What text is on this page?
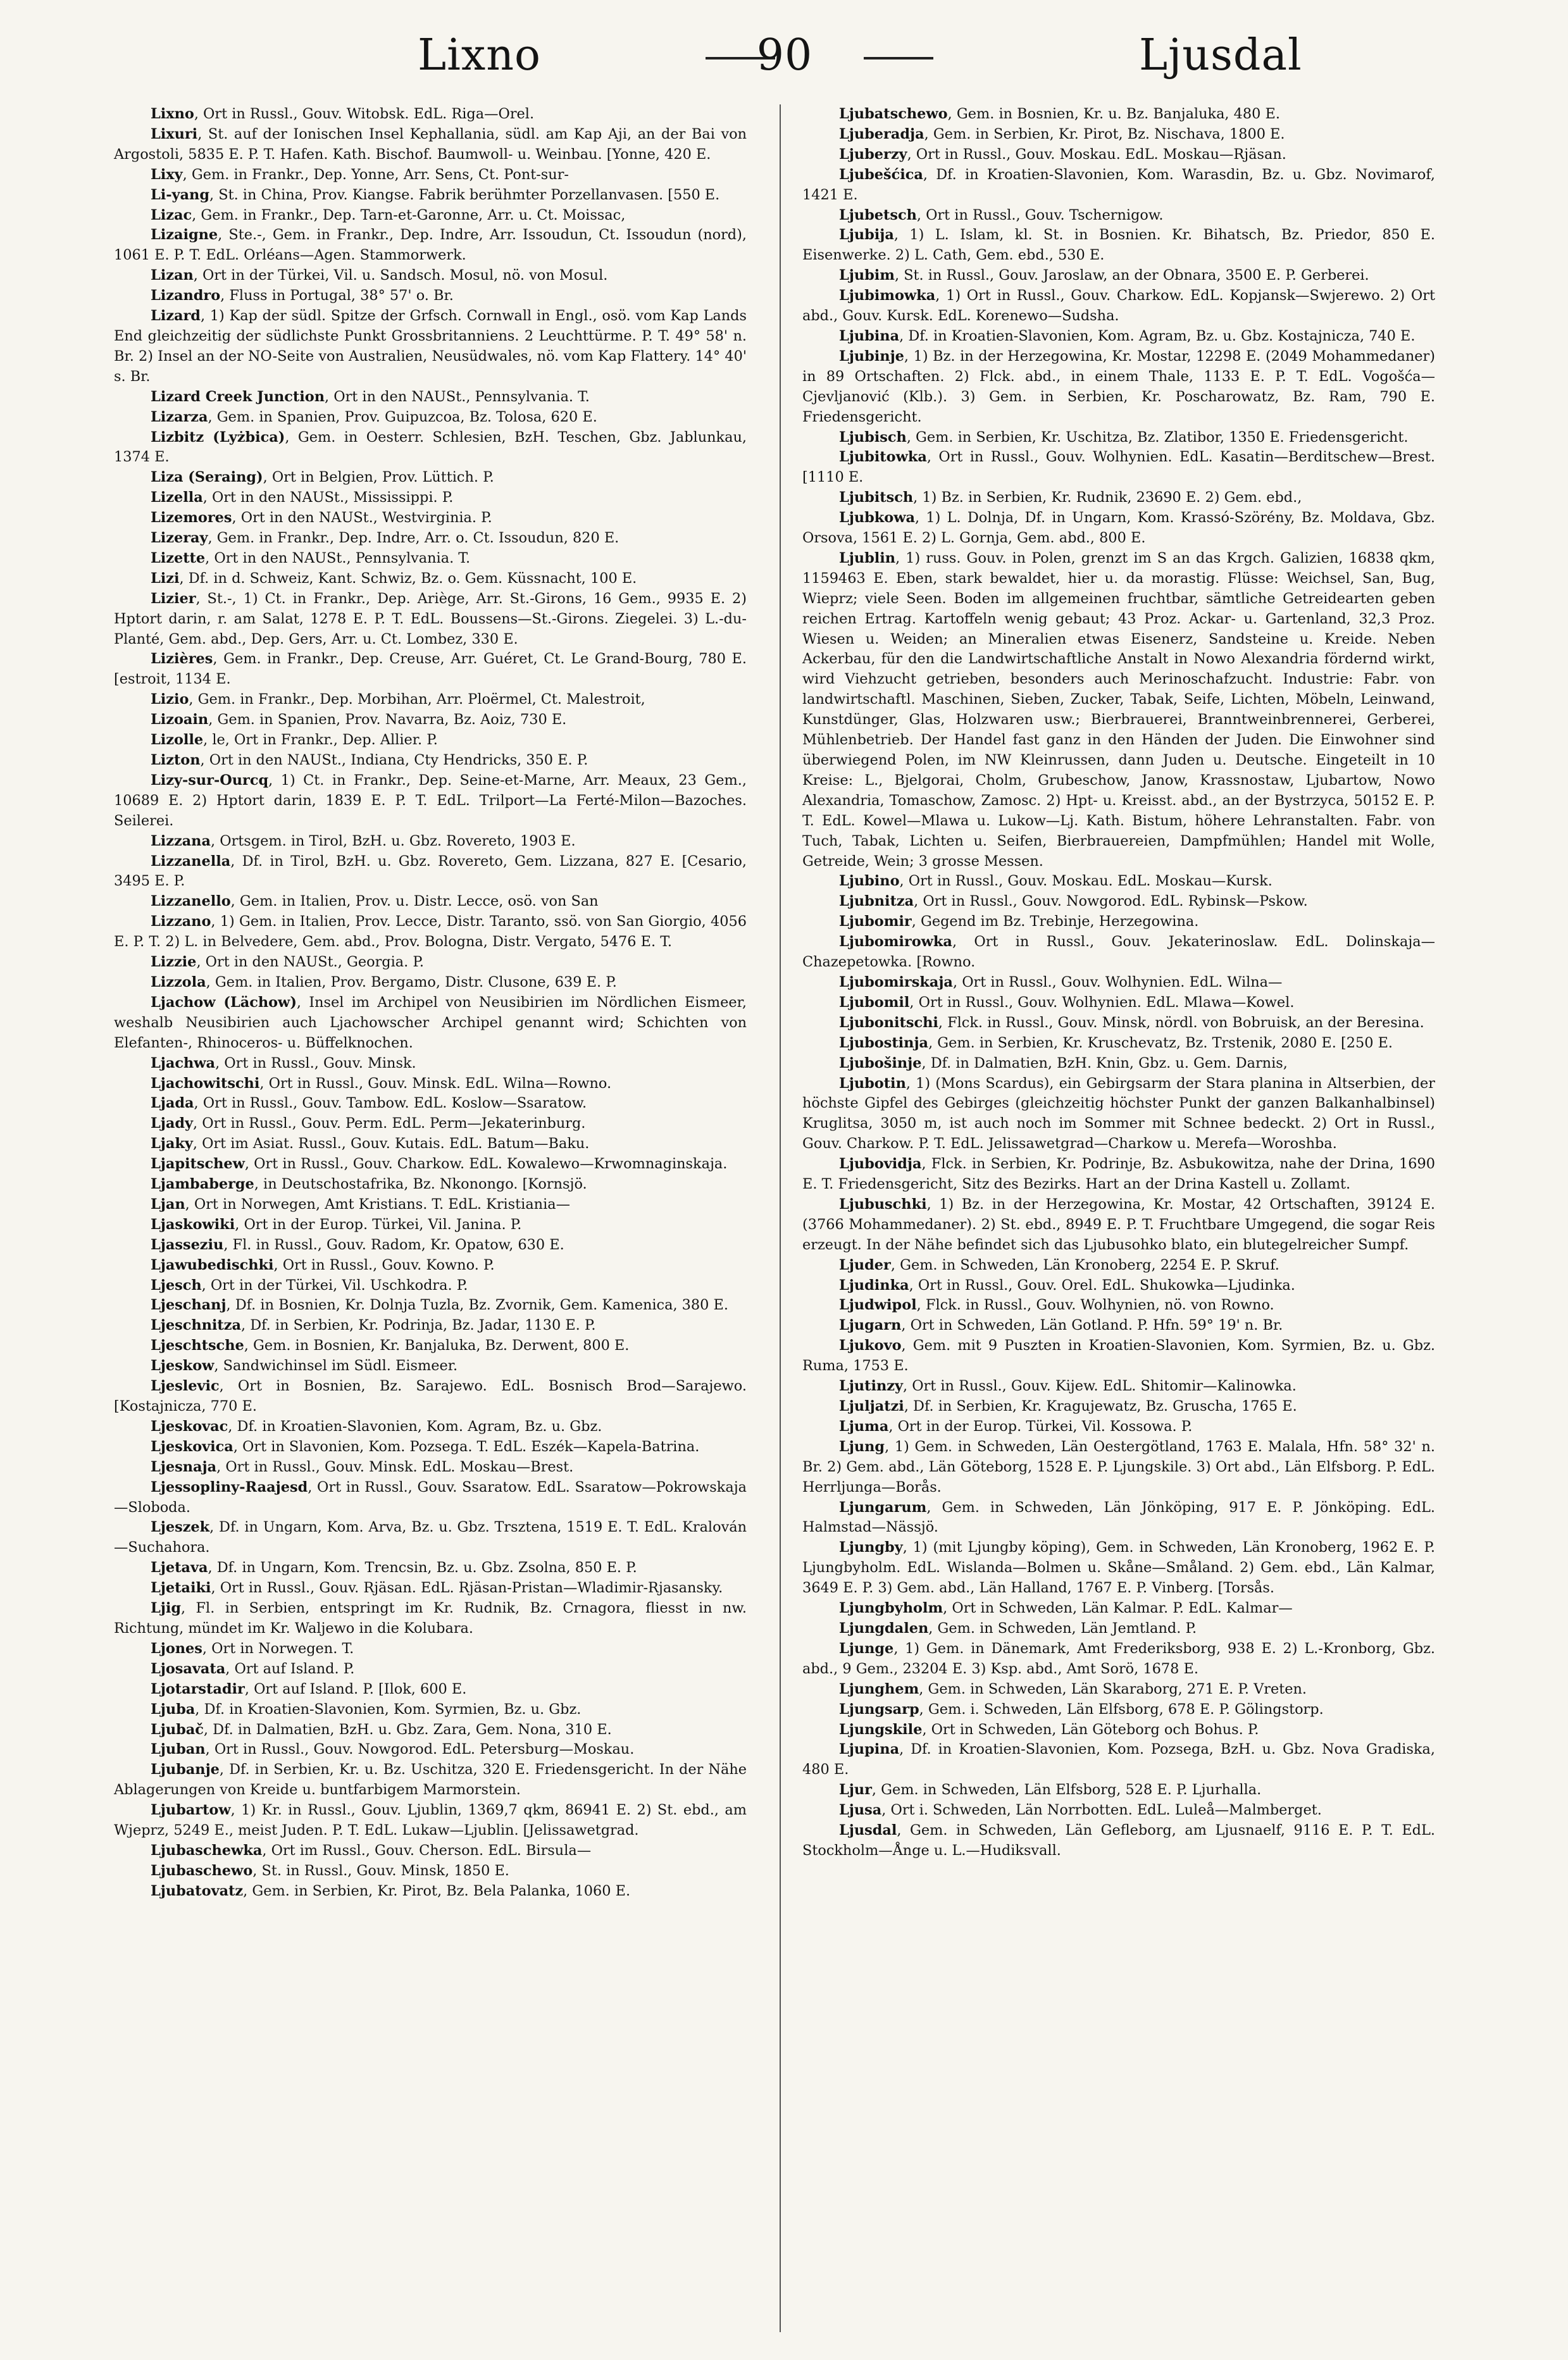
Lixno	90	Ljusdal

Lixno, Ort in Russl., Gouv. Witobsk. EdL. Riga—Orel.

Lixuri, St. auf der Ionischen Insel Kephallania, südl. am Kap Aji, an der Bai von Argostoli, 5835 E. P. T. Hafen. Kath. Bischof. Baumwoll- u. Weinbau. [Yonne, 420 E.

Lixy, Gem. in Frankr., Dep. Yonne, Arr. Sens, Ct. Pont-sur-

Li-yang, St. in China, Prov. Kiangse. Fabrik berühmter Porzellanvasen. [550 E.

Lizac, Gem. in Frankr., Dep. Tarn-et-Garonne, Arr. u. Ct. Moissac,

Lizaigne, Ste.-, Gem. in Frankr., Dep. Indre, Arr. Issoudun, Ct. Issoudun (nord), 1061 E. P. T. EdL. Orléans—Agen. Stammorwerk.

Lizan, Ort in der Türkei, Vil. u. Sandsch. Mosul, nö. von Mosul.

Lizandro, Fluss in Portugal, 38° 57' o. Br.

Lizard, 1) Kap der südl. Spitze der Grfsch. Cornwall in Engl., osö. vom Kap Lands End gleichzeitig der südlichste Punkt Grossbritanniens. 2 Leuchttürme. P. T. 49° 58' n. Br. 2) Insel an der NO-Seite von Australien, Neusüdwales, nö. vom Kap Flattery. 14° 40' s. Br.

Lizard Creek Junction, Ort in den NAUSt., Pennsylvania. T.

Lizarza, Gem. in Spanien, Prov. Guipuzcoa, Bz. Tolosa, 620 E.

Lizbitz (Lyżbica), Gem. in Oesterr. Schlesien, BzH. Teschen, Gbz. Jablunkau, 1374 E.

Liza (Seraing), Ort in Belgien, Prov. Lüttich. P.

Lizella, Ort in den NAUSt., Mississippi. P.

Lizemores, Ort in den NAUSt., Westvirginia. P.

Lizeray, Gem. in Frankr., Dep. Indre, Arr. o. Ct. Issoudun, 820 E.

Lizette, Ort in den NAUSt., Pennsylvania. T.

Lizi, Df. in d. Schweiz, Kant. Schwiz, Bz. o. Gem. Küssnacht, 100 E.

Lizier, St.-, 1) Ct. in Frankr., Dep. Ariège, Arr. St.-Girons, 16 Gem., 9935 E. 2) Hptort darin, r. am Salat, 1278 E. P. T. EdL. Boussens—St.-Girons. Ziegelei. 3) L.-du-Planté, Gem. abd., Dep. Gers, Arr. u. Ct. Lombez, 330 E.

Lizières, Gem. in Frankr., Dep. Creuse, Arr. Guéret, Ct. Le Grand-Bourg, 780 E. [estroit, 1134 E.

Lizio, Gem. in Frankr., Dep. Morbihan, Arr. Ploërmel, Ct. Malestroit,

Lizoain, Gem. in Spanien, Prov. Navarra, Bz. Aoiz, 730 E.

Lizolle, le, Ort in Frankr., Dep. Allier. P.

Lizton, Ort in den NAUSt., Indiana, Cty Hendricks, 350 E. P.

Lizy-sur-Ourcq, 1) Ct. in Frankr., Dep. Seine-et-Marne, Arr. Meaux, 23 Gem., 10689 E. 2) Hptort darin, 1839 E. P. T. EdL. Trilport—La Ferté-Milon—Bazoches. Seilerei.

Lizzana, Ortsgem. in Tirol, BzH. u. Gbz. Rovereto, 1903 E.

Lizzanella, Df. in Tirol, BzH. u. Gbz. Rovereto, Gem. Lizzana, 827 E. [Cesario, 3495 E. P.

Lizzanello, Gem. in Italien, Prov. u. Distr. Lecce, osö. von San

Lizzano, 1) Gem. in Italien, Prov. Lecce, Distr. Taranto, ssö. von San Giorgio, 4056 E. P. T. 2) L. in Belvedere, Gem. abd., Prov. Bologna, Distr. Vergato, 5476 E. T.

Lizzie, Ort in den NAUSt., Georgia. P.

Lizzola, Gem. in Italien, Prov. Bergamo, Distr. Clusone, 639 E. P.

Ljachow (Lächow), Insel im Archipel von Neusibirien im Nördlichen Eismeer, weshalb Neusibirien auch Ljachowscher Archipel genannt wird; Schichten von Elefanten-, Rhinoceros- u. Büffelknochen.

Ljachwa, Ort in Russl., Gouv. Minsk.

Ljachowitschi, Ort in Russl., Gouv. Minsk. EdL. Wilna—Rowno.

Ljada, Ort in Russl., Gouv. Tambow. EdL. Koslow—Ssaratow.

Ljady, Ort in Russl., Gouv. Perm. EdL. Perm—Jekaterinburg.

Ljaky, Ort im Asiat. Russl., Gouv. Kutais. EdL. Batum—Baku.

Ljapitschew, Ort in Russl., Gouv. Charkow. EdL. Kowalewo—Krwomnaginskaja.

Ljambaberge, in Deutschostafrika, Bz. Nkonongo. [Kornsjö.

Ljan, Ort in Norwegen, Amt Kristians. T. EdL. Kristiania—

Ljaskowiki, Ort in der Europ. Türkei, Vil. Janina. P.

Ljasseziu, Fl. in Russl., Gouv. Radom, Kr. Opatow, 630 E.

Ljawubedischki, Ort in Russl., Gouv. Kowno. P.

Ljesch, Ort in der Türkei, Vil. Uschkodra. P.

Ljeschanj, Df. in Bosnien, Kr. Dolnja Tuzla, Bz. Zvornik, Gem. Kamenica, 380 E.

Ljeschnitza, Df. in Serbien, Kr. Podrinja, Bz. Jadar, 1130 E. P.

Ljeschtsche, Gem. in Bosnien, Kr. Banjaluka, Bz. Derwent, 800 E.

Ljeskow, Sandwichinsel im Südl. Eismeer.

Ljeslevic, Ort in Bosnien, Bz. Sarajewo. EdL. Bosnisch Brod—Sarajewo. [Kostajnicza, 770 E.

Ljeskovac, Df. in Kroatien-Slavonien, Kom. Agram, Bz. u. Gbz.

Ljeskovica, Ort in Slavonien, Kom. Pozsega. T. EdL. Eszék—Kapela-Batrina.

Ljesnaja, Ort in Russl., Gouv. Minsk. EdL. Moskau—Brest.

Ljessopliny-Raajesd, Ort in Russl., Gouv. Ssaratow. EdL. Ssaratow—Pokrowskaja—Sloboda.

Ljeszek, Df. in Ungarn, Kom. Arva, Bz. u. Gbz. Trsztena, 1519 E. T. EdL. Kralován—Suchahora.

Ljetava, Df. in Ungarn, Kom. Trencsin, Bz. u. Gbz. Zsolna, 850 E. P.

Ljetaiki, Ort in Russl., Gouv. Rjäsan. EdL. Rjäsan-Pristan—Wladimir-Rjasansky.

Ljig, Fl. in Serbien, entspringt im Kr. Rudnik, Bz. Crnagora, fliesst in nw. Richtung, mündet im Kr. Waljewo in die Kolubara.

Ljones, Ort in Norwegen. T.

Ljosavata, Ort auf Island. P.

Ljotarstadir, Ort auf Island. P. [Ilok, 600 E.

Ljuba, Df. in Kroatien-Slavonien, Kom. Syrmien, Bz. u. Gbz.

Ljubač, Df. in Dalmatien, BzH. u. Gbz. Zara, Gem. Nona, 310 E.

Ljuban, Ort in Russl., Gouv. Nowgorod. EdL. Petersburg—Moskau.

Ljubanje, Df. in Serbien, Kr. u. Bz. Uschitza, 320 E. Friedensgericht. In der Nähe Ablagerungen von Kreide u. buntfarbigem Marmorstein.

Ljubartow, 1) Kr. in Russl., Gouv. Ljublin, 1369,7 qkm, 86941 E. 2) St. ebd., am Wjeprz, 5249 E., meist Juden. P. T. EdL. Lukaw—Ljublin. [Jelissawetgrad.

Ljubaschewka, Ort im Russl., Gouv. Cherson. EdL. Birsula—

Ljubaschewo, St. in Russl., Gouv. Minsk, 1850 E.

Ljubatovatz, Gem. in Serbien, Kr. Pirot, Bz. Bela Palanka, 1060 E.

Ljubatschewo, Gem. in Bosnien, Kr. u. Bz. Banjaluka, 480 E.

Ljuberadja, Gem. in Serbien, Kr. Pirot, Bz. Nischava, 1800 E.

Ljuberzy, Ort in Russl., Gouv. Moskau. EdL. Moskau—Rjäsan.

Ljubešćica, Df. in Kroatien-Slavonien, Kom. Warasdin, Bz. u. Gbz. Novimarof, 1421 E.

Ljubetsch, Ort in Russl., Gouv. Tschernigow.

Ljubija, 1) L. Islam, kl. St. in Bosnien. Kr. Bihatsch, Bz. Priedor, 850 E. Eisenwerke. 2) L. Cath, Gem. ebd., 530 E.

Ljubim, St. in Russl., Gouv. Jaroslaw, an der Obnara, 3500 E. P. Gerberei.

Ljubimowka, 1) Ort in Russl., Gouv. Charkow. EdL. Kopjansk—Swjerewo. 2) Ort abd., Gouv. Kursk. EdL. Korenewo—Sudsha.

Ljubina, Df. in Kroatien-Slavonien, Kom. Agram, Bz. u. Gbz. Kostajnicza, 740 E.

Ljubinje, 1) Bz. in der Herzegowina, Kr. Mostar, 12298 E. (2049 Mohammedaner) in 89 Ortschaften. 2) Flck. abd., in einem Thale, 1133 E. P. T. EdL. Vogošća—Cjevljanović (Klb.). 3) Gem. in Serbien, Kr. Poscharowatz, Bz. Ram, 790 E. Friedensgericht.

Ljubisch, Gem. in Serbien, Kr. Uschitza, Bz. Zlatibor, 1350 E. Friedensgericht.

Ljubitowka, Ort in Russl., Gouv. Wolhynien. EdL. Kasatin—Berditschew—Brest. [1110 E.

Ljubitsch, 1) Bz. in Serbien, Kr. Rudnik, 23690 E. 2) Gem. ebd.,

Ljubkowa, 1) L. Dolnja, Df. in Ungarn, Kom. Krassó-Szörény, Bz. Moldava, Gbz. Orsova, 1561 E. 2) L. Gornja, Gem. abd., 800 E.

Ljublin, 1) russ. Gouv. in Polen, grenzt im S an das Krgch. Galizien, 16838 qkm, 1159463 E. Eben, stark bewaldet, hier u. da morastig. Flüsse: Weichsel, San, Bug, Wieprz; viele Seen. Boden im allgemeinen fruchtbar, sämtliche Getreidearten geben reichen Ertrag. Kartoffeln wenig gebaut; 43 Proz. Ackar- u. Gartenland, 32,3 Proz. Wiesen u. Weiden; an Mineralien etwas Eisenerz, Sandsteine u. Kreide. Neben Ackerbau, für den die Landwirtschaftliche Anstalt in Nowo Alexandria fördernd wirkt, wird Viehzucht getrieben, besonders auch Merinoschafzucht. Industrie: Fabr. von landwirtschaftl. Maschinen, Sieben, Zucker, Tabak, Seife, Lichten, Möbeln, Leinwand, Kunstdünger, Glas, Holzwaren usw.; Bierbrauerei, Branntweinbrennerei, Gerberei, Mühlenbetrieb. Der Handel fast ganz in den Händen der Juden. Die Einwohner sind überwiegend Polen, im NW Kleinrussen, dann Juden u. Deutsche. Eingeteilt in 10 Kreise: L., Bjelgorai, Cholm, Grubeschow, Janow, Krassnostaw, Ljubartow, Nowo Alexandria, Tomaschow, Zamosc. 2) Hpt- u. Kreisst. abd., an der Bystrzyca, 50152 E. P. T. EdL. Kowel—Mlawa u. Lukow—Lj. Kath. Bistum, höhere Lehranstalten. Fabr. von Tuch, Tabak, Lichten u. Seifen, Bierbrauereien, Dampfmühlen; Handel mit Wolle, Getreide, Wein; 3 grosse Messen.

Ljubino, Ort in Russl., Gouv. Moskau. EdL. Moskau—Kursk.

Ljubnitza, Ort in Russl., Gouv. Nowgorod. EdL. Rybinsk—Pskow.

Ljubomir, Gegend im Bz. Trebinje, Herzegowina.

Ljubomirowka, Ort in Russl., Gouv. Jekaterinoslaw. EdL. Dolinskaja—Chazepetowka. [Rowno.

Ljubomirskaja, Ort in Russl., Gouv. Wolhynien. EdL. Wilna—

Ljubomil, Ort in Russl., Gouv. Wolhynien. EdL. Mlawa—Kowel.

Ljubonitschi, Flck. in Russl., Gouv. Minsk, nördl. von Bobruisk, an der Beresina.

Ljubostinja, Gem. in Serbien, Kr. Kruschevatz, Bz. Trstenik, 2080 E. [250 E.

Ljubošinje, Df. in Dalmatien, BzH. Knin, Gbz. u. Gem. Darnis,

Ljubotin, 1) (Mons Scardus), ein Gebirgsarm der Stara planina in Altserbien, der höchste Gipfel des Gebirges (gleichzeitig höchster Punkt der ganzen Balkanhalbinsel) Kruglitsa, 3050 m, ist auch noch im Sommer mit Schnee bedeckt. 2) Ort in Russl., Gouv. Charkow. P. T. EdL. Jelissawetgrad—Charkow u. Merefa—Woroshba.

Ljubovidja, Flck. in Serbien, Kr. Podrinje, Bz. Asbukowitza, nahe der Drina, 1690 E. T. Friedensgericht, Sitz des Bezirks. Hart an der Drina Kastell u. Zollamt.

Ljubuschki, 1) Bz. in der Herzegowina, Kr. Mostar, 42 Ortschaften, 39124 E. (3766 Mohammedaner). 2) St. ebd., 8949 E. P. T. Fruchtbare Umgegend, die sogar Reis erzeugt. In der Nähe befindet sich das Ljubusohko blato, ein blutegelreicher Sumpf.

Ljuder, Gem. in Schweden, Län Kronoberg, 2254 E. P. Skruf.

Ljudinka, Ort in Russl., Gouv. Orel. EdL. Shukowka—Ljudinka.

Ljudwipol, Flck. in Russl., Gouv. Wolhynien, nö. von Rowno.

Ljugarn, Ort in Schweden, Län Gotland. P. Hfn. 59° 19' n. Br.

Ljukovo, Gem. mit 9 Puszten in Kroatien-Slavonien, Kom. Syrmien, Bz. u. Gbz. Ruma, 1753 E.

Ljutinzy, Ort in Russl., Gouv. Kijew. EdL. Shitomir—Kalinowka.

Ljuljatzi, Df. in Serbien, Kr. Kragujewatz, Bz. Gruscha, 1765 E.

Ljuma, Ort in der Europ. Türkei, Vil. Kossowa. P.

Ljung, 1) Gem. in Schweden, Län Oestergötland, 1763 E. Malala, Hfn. 58° 32' n. Br. 2) Gem. abd., Län Göteborg, 1528 E. P. Ljungskile. 3) Ort abd., Län Elfsborg. P. EdL. Herrljunga—Borås.

Ljungarum, Gem. in Schweden, Län Jönköping, 917 E. P. Jönköping. EdL. Halmstad—Nässjö.

Ljungby, 1) (mit Ljungby köping), Gem. in Schweden, Län Kronoberg, 1962 E. P. Ljungbyholm. EdL. Wislanda—Bolmen u. Skåne—Småland. 2) Gem. ebd., Län Kalmar, 3649 E. P. 3) Gem. abd., Län Halland, 1767 E. P. Vinberg. [Torsås.

Ljungbyholm, Ort in Schweden, Län Kalmar. P. EdL. Kalmar—

Ljungdalen, Gem. in Schweden, Län Jemtland. P.

Ljunge, 1) Gem. in Dänemark, Amt Frederiksborg, 938 E. 2) L.-Kronborg, Gbz. abd., 9 Gem., 23204 E. 3) Ksp. abd., Amt Sorö, 1678 E.

Ljunghem, Gem. in Schweden, Län Skaraborg, 271 E. P. Vreten.

Ljungsarp, Gem. i. Schweden, Län Elfsborg, 678 E. P. Gölingstorp.

Ljungskile, Ort in Schweden, Län Göteborg och Bohus. P.

Ljupina, Df. in Kroatien-Slavonien, Kom. Pozsega, BzH. u. Gbz. Nova Gradiska, 480 E.

Ljur, Gem. in Schweden, Län Elfsborg, 528 E. P. Ljurhalla.

Ljusa, Ort i. Schweden, Län Norrbotten. EdL. Luleå—Malmberget.

Ljusdal, Gem. in Schweden, Län Gefleborg, am Ljusnaelf, 9116 E. P. T. EdL. Stockholm—Ånge u. L.—Hudiksvall.
